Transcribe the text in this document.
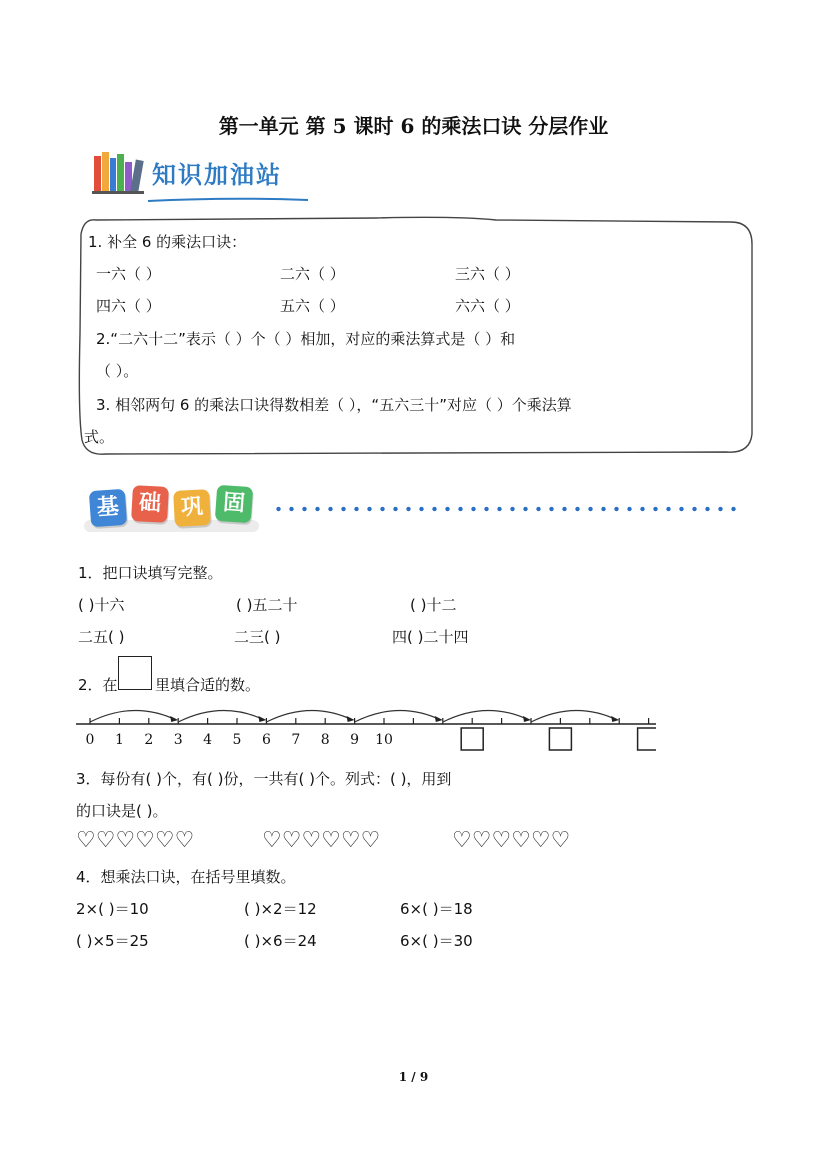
第一单元 第 5 课时 6 的乘法口诀 分层作业
知识加油站
1. 补全 6 的乘法口诀：
一六（ ）	二六（ ）	三六（ ）
四六（ ）	五六（ ）	六六（ ）
2.“二六十二”表示（ ）个（ ）相加，对应的乘法算式是（ ）和
（ ）。
3. 相邻两句 6 的乘法口诀得数相差（ ），“五六三十”对应（ ）个乘法算
式。
基 础 巩 固
1．把口诀填写完整。
( )十六	( )五二十	( )十二
二五( )	二三( )	四( )二十四
2．在 里填合适的数。
0 1 2 3 4 5 6 7 8 9 10
3．每份有( )个，有( )份，一共有( )个。列式：( )，用到
的口诀是( )。
♡♡♡♡♡♡	♡♡♡♡♡♡	♡♡♡♡♡♡
4．想乘法口诀，在括号里填数。
2×( )＝10	( )×2＝12	6×( )＝18
( )×5＝25	( )×6＝24	6×( )＝30
1 / 9
